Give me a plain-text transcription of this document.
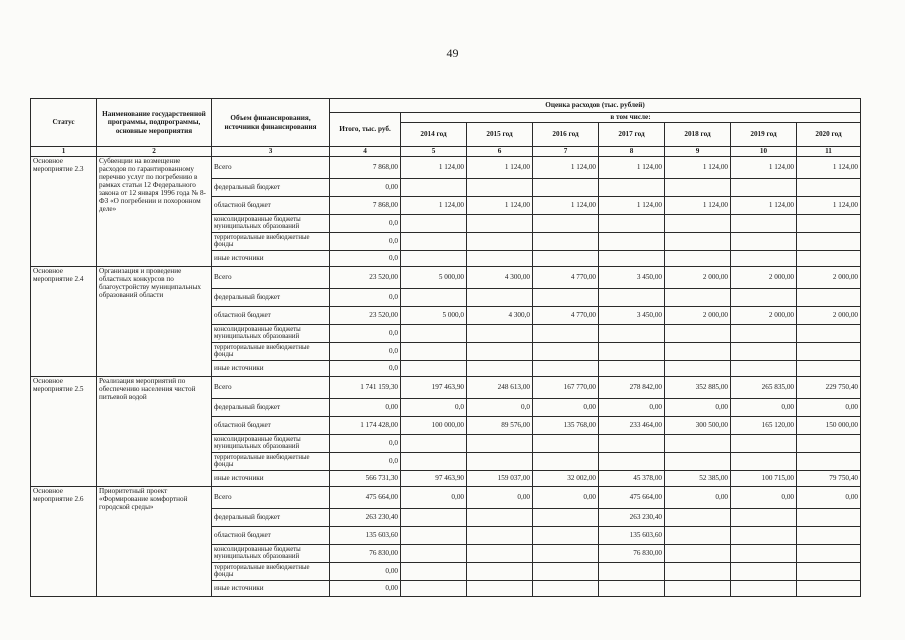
49
Статус	Наименование государственной программы, подпрограммы, основные мероприятия	Объем финансирования, источники финансирования	Оценка расходов (тыс. рублей)							
			Итого, тыс. руб.	в том числе:						
				2014 год	2015 год	2016 год	2017 год	2018 год	2019 год	2020 год
1	2	3	4	5	6	7	8	9	10	11
Основное мероприятие 2.3	Субвенции на возмещение расходов по гарантированному перечню услуг по погребению в рамках статьи 12 Федерального закона от 12 января 1996 года № 8-ФЗ «О погребении и похоронном деле»	Всего	7 868,00	1 124,00	1 124,00	1 124,00	1 124,00	1 124,00	1 124,00	1 124,00
		федеральный бюджет	0,00							
		областной бюджет	7 868,00	1 124,00	1 124,00	1 124,00	1 124,00	1 124,00	1 124,00	1 124,00
		консолидированные бюджеты муниципальных образований	0,0							
		территориальные внебюджетные фонды	0,0							
		иные источники	0,0							
Основное мероприятие 2.4	Организация и проведение областных конкурсов по благоустройству муниципальных образований области	Всего	23 520,00	5 000,00	4 300,00	4 770,00	3 450,00	2 000,00	2 000,00	2 000,00
		федеральный бюджет	0,0							
		областной бюджет	23 520,00	5 000,0	4 300,0	4 770,00	3 450,00	2 000,00	2 000,00	2 000,00
		консолидированные бюджеты муниципальных образований	0,0							
		территориальные внебюджетные фонды	0,0							
		иные источники	0,0							
Основное мероприятие 2.5	Реализация мероприятий по обеспечению населения чистой питьевой водой	Всего	1 741 159,30	197 463,90	248 613,00	167 770,00	278 842,00	352 885,00	265 835,00	229 750,40
		федеральный бюджет	0,00	0,0	0,0	0,00	0,00	0,00	0,00	0,00
		областной бюджет	1 174 428,00	100 000,00	89 576,00	135 768,00	233 464,00	300 500,00	165 120,00	150 000,00
		консолидированные бюджеты муниципальных образований	0,0							
		территориальные внебюджетные фонды	0,0							
		иные источники	566 731,30	97 463,90	159 037,00	32 002,00	45 378,00	52 385,00	100 715,00	79 750,40
Основное мероприятие 2.6	Приоритетный проект «Формирование комфортной городской среды»	Всего	475 664,00	0,00	0,00	0,00	475 664,00	0,00	0,00	0,00
		федеральный бюджет	263 230,40				263 230,40			
		областной бюджет	135 603,60				135 603,60			
		консолидированные бюджеты муниципальных образований	76 830,00				76 830,00			
		территориальные внебюджетные фонды	0,00							
		иные источники	0,00							
